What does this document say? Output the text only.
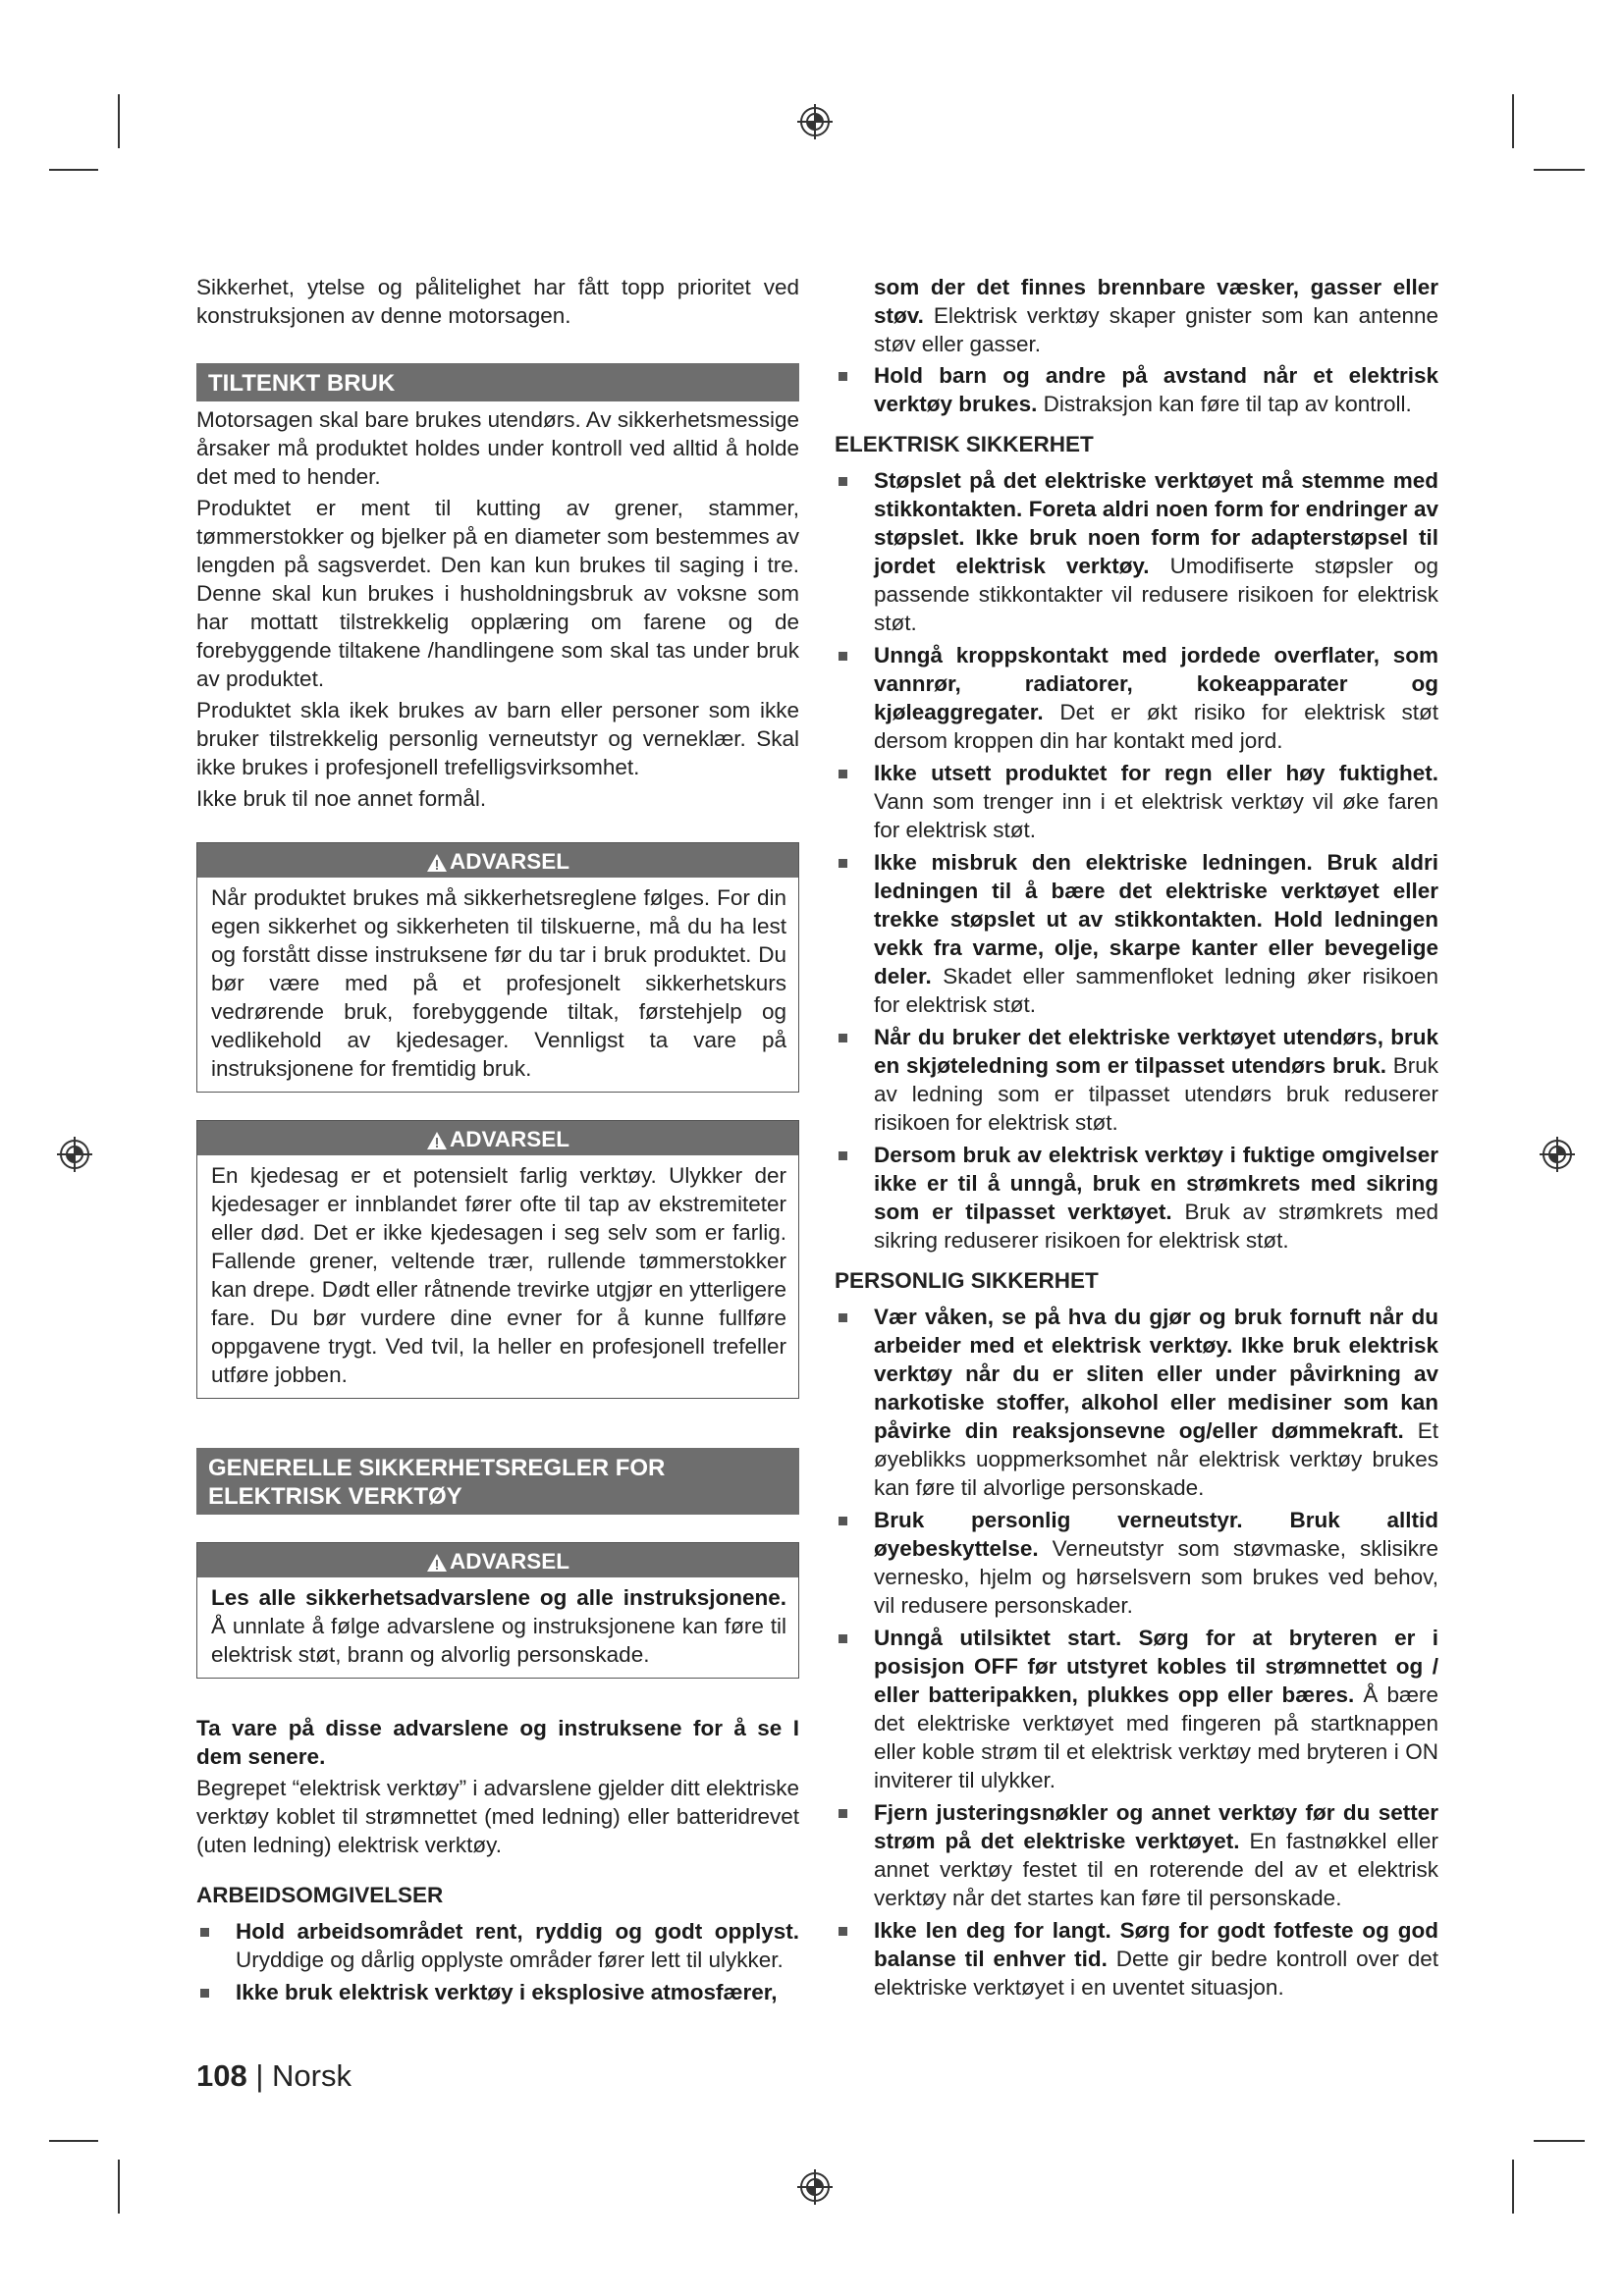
Sikkerhet, ytelse og pålitelighet har fått topp prioritet ved konstruksjonen av denne motorsagen.

TILTENKT BRUK

Motorsagen skal bare brukes utendørs. Av sikkerhetsmessige årsaker må produktet holdes under kontroll ved alltid å holde det med to hender.

Produktet er ment til kutting av grener, stammer, tømmerstokker og bjelker på en diameter som bestemmes av lengden på sagsverdet. Den kan kun brukes til saging i tre. Denne skal kun brukes i husholdningsbruk av voksne som har mottatt tilstrekkelig opplæring om farene og de forebyggende tiltakene /handlingene som skal tas under bruk av produktet.

Produktet skla ikek brukes av barn eller personer som ikke bruker tilstrekkelig personlig verneutstyr og verneklær. Skal ikke brukes i profesjonell trefelligsvirksomhet.

Ikke bruk til noe annet formål.

ADVARSEL

Når produktet brukes må sikkerhetsreglene følges. For din egen sikkerhet og sikkerheten til tilskuerne, må du ha lest og forstått disse instruksene før du tar i bruk produktet. Du bør være med på et profesjonelt sikkerhetskurs vedrørende bruk, forebyggende tiltak, førstehjelp og vedlikehold av kjedesager. Vennligst ta vare på instruksjonene for fremtidig bruk.

ADVARSEL

En kjedesag er et potensielt farlig verktøy. Ulykker der kjedesager er innblandet fører ofte til tap av ekstremiteter eller død. Det er ikke kjedesagen i seg selv som er farlig. Fallende grener, veltende trær, rullende tømmerstokker kan drepe. Dødt eller råtnende trevirke utgjør en ytterligere fare. Du bør vurdere dine evner for å kunne fullføre oppgavene trygt. Ved tvil, la heller en profesjonell trefeller utføre jobben.

GENERELLE SIKKERHETSREGLER FOR
ELEKTRISK VERKTØY
ADVARSEL

Les alle sikkerhetsadvarslene og alle instruksjonene. Å unnlate å følge advarslene og instruksjonene kan føre til elektrisk støt, brann og alvorlig personskade.

Ta vare på disse advarslene og instruksene for å se I dem senere.

Begrepet “elektrisk verktøy” i advarslene gjelder ditt elektriske verktøy koblet til strømnettet (med ledning) eller batteridrevet (uten ledning) elektrisk verktøy.

ARBEIDSOMGIVELSER
Hold arbeidsområdet rent, ryddig og godt opplyst. Uryddige og dårlig opplyste områder fører lett til ulykker.
Ikke bruk elektrisk verktøy i eksplosive atmosfærer,

som der det finnes brennbare væsker, gasser eller støv. Elektrisk verktøy skaper gnister som kan antenne støv eller gasser.

Hold barn og andre på avstand når et elektrisk verktøy brukes. Distraksjon kan føre til tap av kontroll.
ELEKTRISK SIKKERHET
Støpslet på det elektriske verktøyet må stemme med stikkontakten. Foreta aldri noen form for endringer av støpslet. Ikke bruk noen form for adapterstøpsel til jordet elektrisk verktøy. Umodifiserte støpsler og passende stikkontakter vil redusere risikoen for elektrisk støt.
Unngå kroppskontakt med jordede overflater, som vannrør, radiatorer, kokeapparater og kjøleaggregater. Det er økt risiko for elektrisk støt dersom kroppen din har kontakt med jord.
Ikke utsett produktet for regn eller høy fuktighet. Vann som trenger inn i et elektrisk verktøy vil øke faren for elektrisk støt.
Ikke misbruk den elektriske ledningen. Bruk aldri ledningen til å bære det elektriske verktøyet eller trekke støpslet ut av stikkontakten. Hold ledningen vekk fra varme, olje, skarpe kanter eller bevegelige deler. Skadet eller sammenfloket ledning øker risikoen for elektrisk støt.
Når du bruker det elektriske verktøyet utendørs, bruk en skjøteledning som er tilpasset utendørs bruk. Bruk av ledning som er tilpasset utendørs bruk reduserer risikoen for elektrisk støt.
Dersom bruk av elektrisk verktøy i fuktige omgivelser ikke er til å unngå, bruk en strømkrets med sikring som er tilpasset verktøyet. Bruk av strømkrets med sikring reduserer risikoen for elektrisk støt.
PERSONLIG SIKKERHET
Vær våken, se på hva du gjør og bruk fornuft når du arbeider med et elektrisk verktøy. Ikke bruk elektrisk verktøy når du er sliten eller under påvirkning av narkotiske stoffer, alkohol eller medisiner som kan påvirke din reaksjonsevne og/eller dømmekraft. Et øyeblikks uoppmerksomhet når elektrisk verktøy brukes kan føre til alvorlige personskade.
Bruk personlig verneutstyr. Bruk alltid øyebeskyttelse. Verneutstyr som støvmaske, sklisikre vernesko, hjelm og hørselsvern som brukes ved behov, vil redusere personskader.
Unngå utilsiktet start. Sørg for at bryteren er i posisjon OFF før utstyret kobles til strømnettet og / eller batteripakken, plukkes opp eller bæres. Å bære det elektriske verktøyet med fingeren på startknappen eller koble strøm til et elektrisk verktøy med bryteren i ON inviterer til ulykker.
Fjern justeringsnøkler og annet verktøy før du setter strøm på det elektriske verktøyet. En fastnøkkel eller annet verktøy festet til en roterende del av et elektrisk verktøy når det startes kan føre til personskade.
Ikke len deg for langt. Sørg for godt fotfeste og god balanse til enhver tid. Dette gir bedre kontroll over det elektriske verktøyet i en uventet situasjon.
108 | Norsk
